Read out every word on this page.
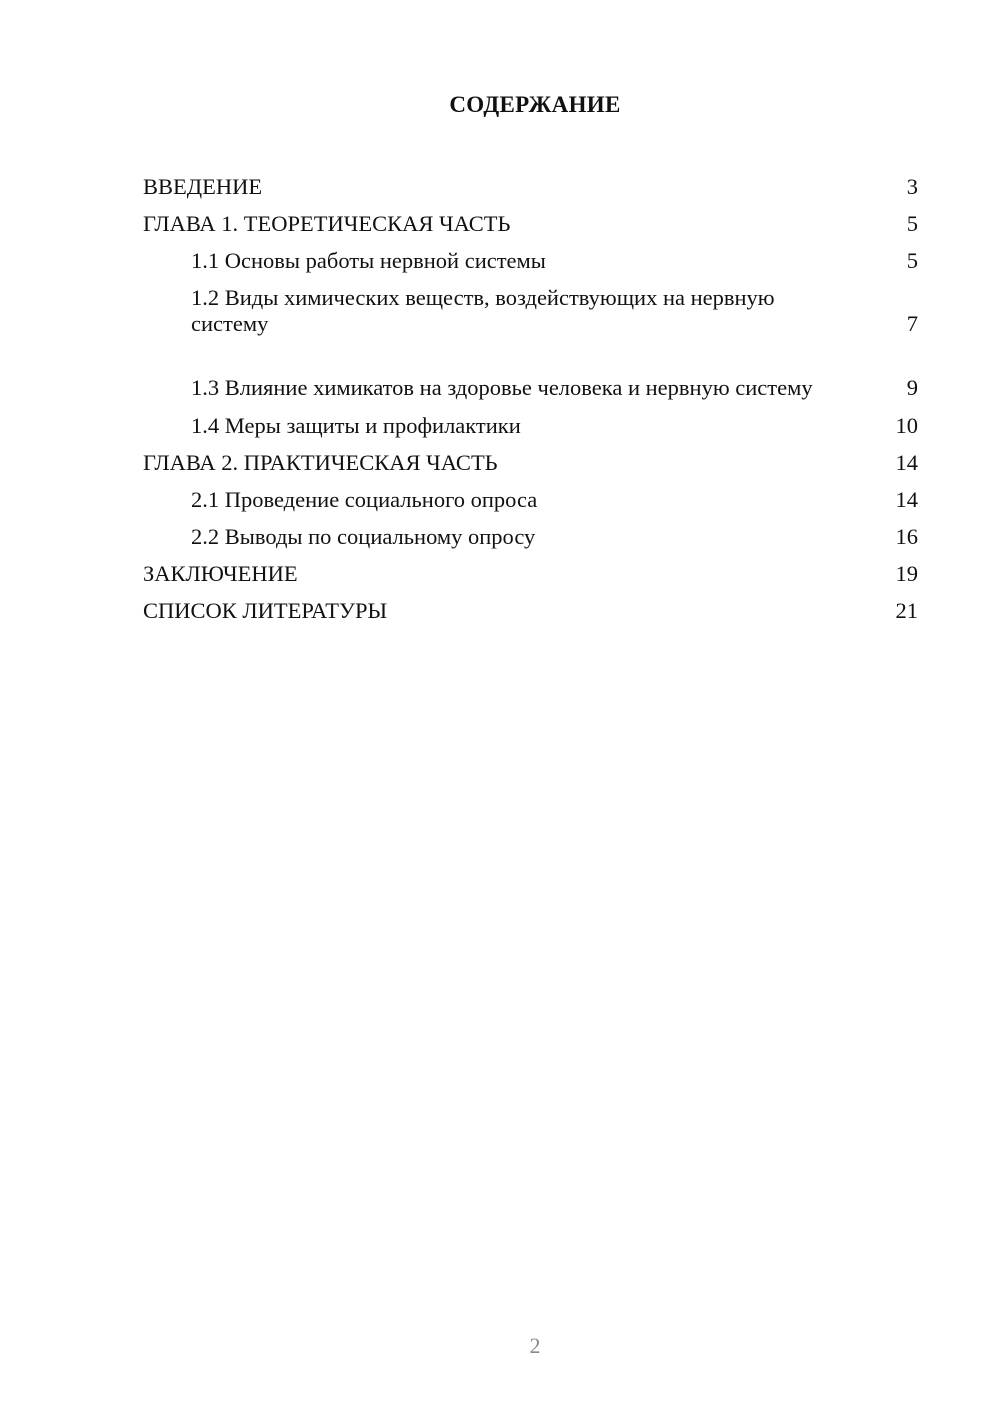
СОДЕРЖАНИЕ
ВВЕДЕНИЕ	3
ГЛАВА 1. ТЕОРЕТИЧЕСКАЯ ЧАСТЬ	5
1.1 Основы работы нервной системы	5
1.2 Виды химических веществ, воздействующих на нервную систему	7
1.3 Влияние химикатов на здоровье человека и нервную систему	9
1.4 Меры защиты и профилактики	10
ГЛАВА 2. ПРАКТИЧЕСКАЯ ЧАСТЬ	14
2.1 Проведение социального опроса	14
2.2 Выводы по социальному опросу	16
ЗАКЛЮЧЕНИЕ	19
СПИСОК ЛИТЕРАТУРЫ	21
2
